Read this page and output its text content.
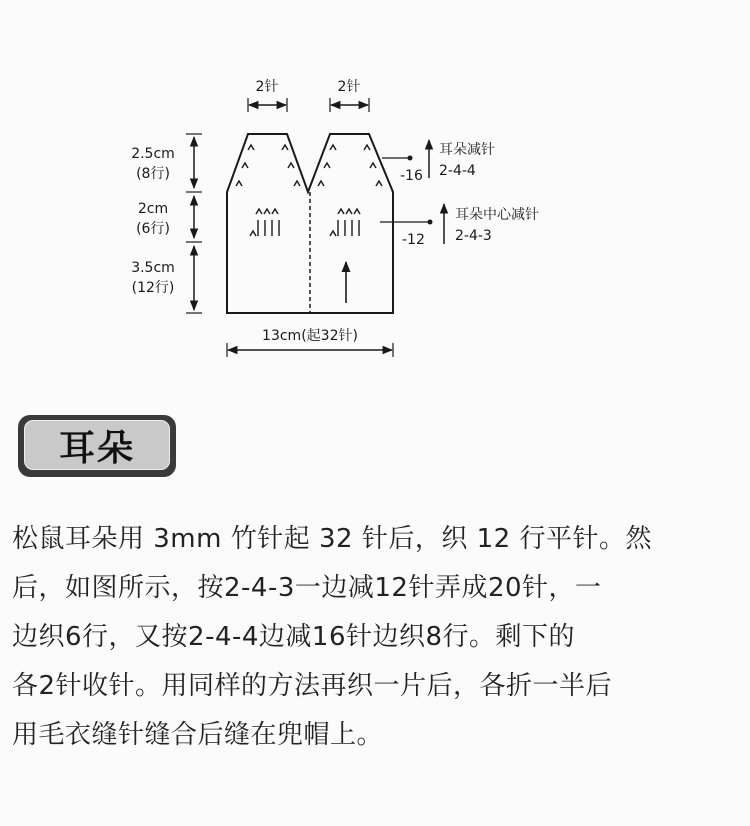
2针	2针
2.5cm
(8行)
2cm
(6行)
3.5cm
(12行)
13cm(起32针)
-16
耳朵减针
2-4-4
-12
耳朵中心减针
2-4-3
耳朵
松鼠耳朵用 3mm 竹针起 32 针后，织 12 行平针。然
后，如图所示，按2-4-3一边减12针弄成20针，一
边织6行，又按2-4-4边减16针边织8行。剩下的
各2针收针。用同样的方法再织一片后，各折一半后
用毛衣缝针缝合后缝在兜帽上。
